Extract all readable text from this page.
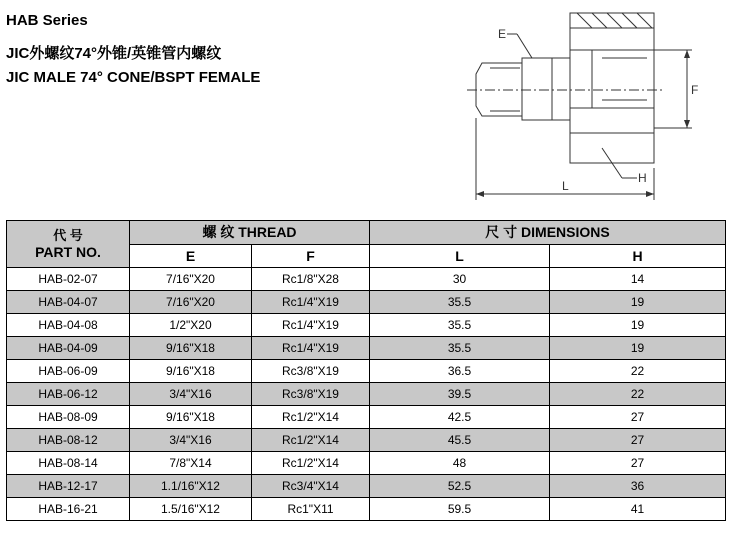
HAB Series
JIC外螺纹74°外锥/英锥管内螺纹
JIC MALE 74° CONE/BSPT FEMALE
E
F
L
H
代 号
PART NO.	螺 纹 THREAD		尺 寸 DIMENSIONS	
	E	F	L	H
HAB-02-07	7/16"X20	Rc1/8"X28	30	14
HAB-04-07	7/16"X20	Rc1/4"X19	35.5	19
HAB-04-08	1/2"X20	Rc1/4"X19	35.5	19
HAB-04-09	9/16"X18	Rc1/4"X19	35.5	19
HAB-06-09	9/16"X18	Rc3/8"X19	36.5	22
HAB-06-12	3/4"X16	Rc3/8"X19	39.5	22
HAB-08-09	9/16"X18	Rc1/2"X14	42.5	27
HAB-08-12	3/4"X16	Rc1/2"X14	45.5	27
HAB-08-14	7/8"X14	Rc1/2"X14	48	27
HAB-12-17	1.1/16"X12	Rc3/4"X14	52.5	36
HAB-16-21	1.5/16"X12	Rc1"X11	59.5	41
